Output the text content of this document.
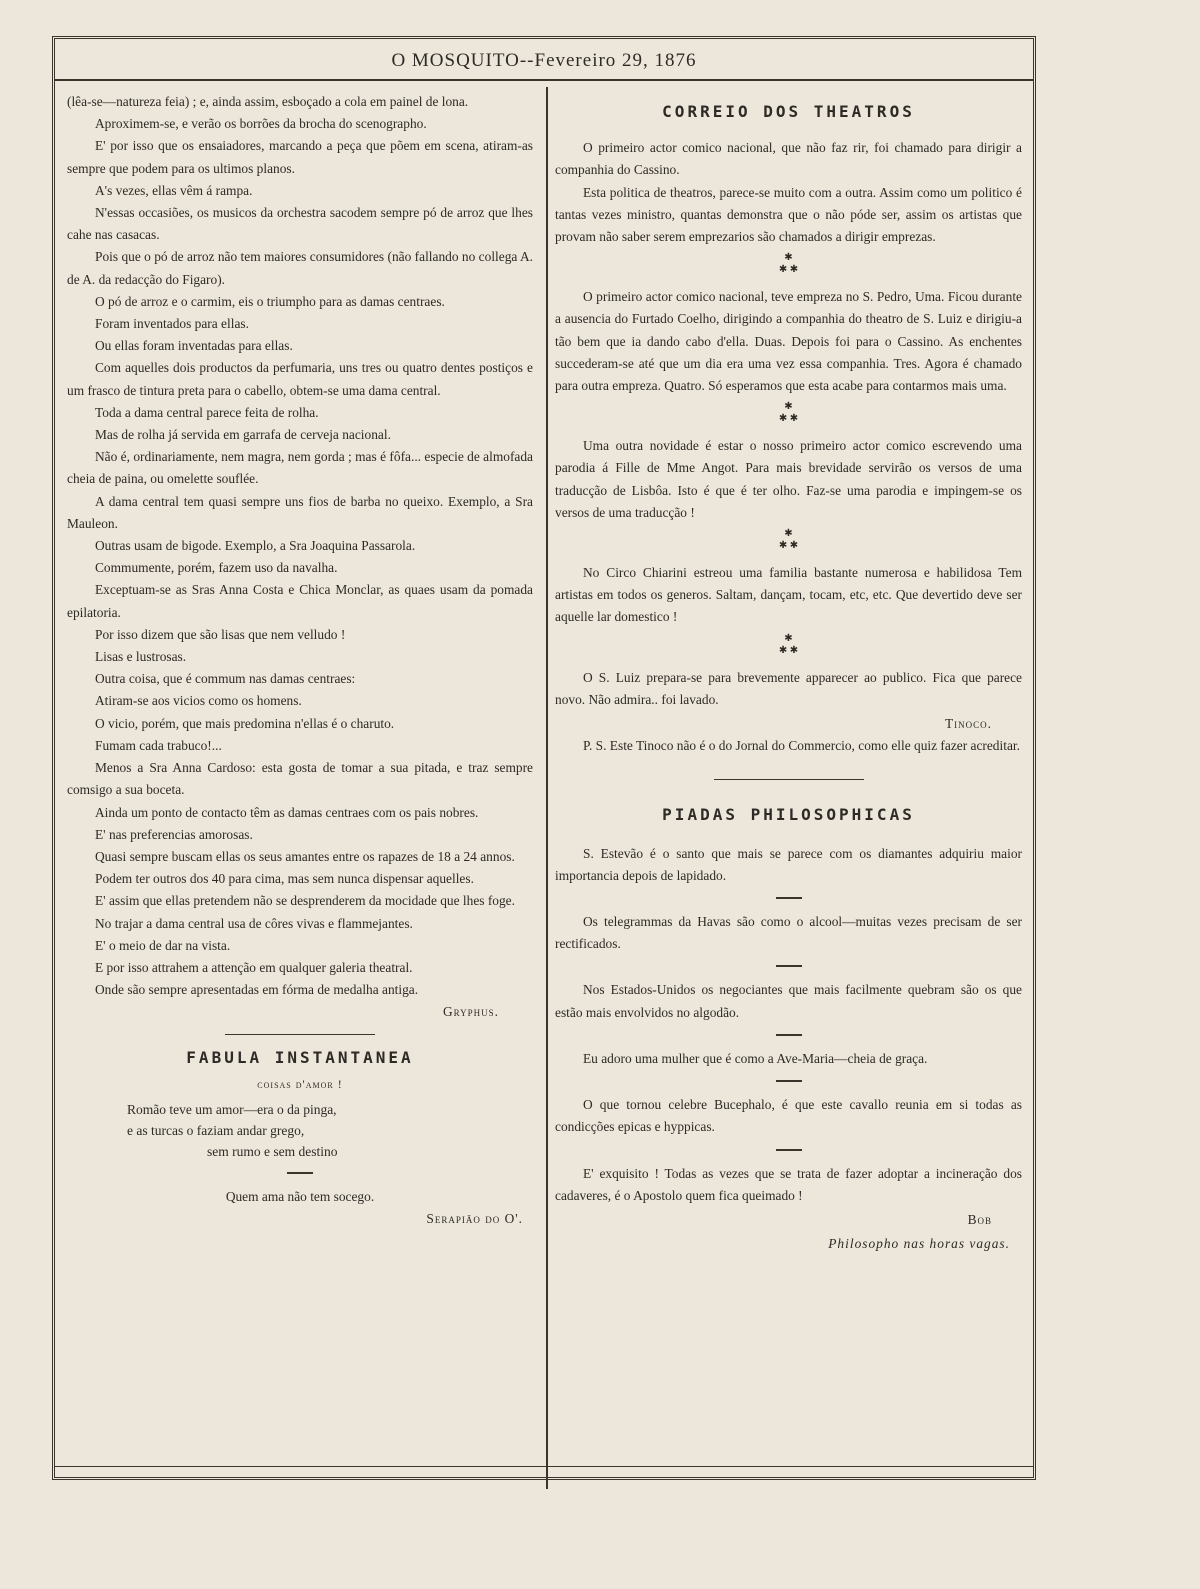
O MOSQUITO--Fevereiro 29, 1876

(lêa-se—natureza feia) ; e, ainda assim, esboçado a cola em painel de lona.

Aproximem-se, e verão os borrões da brocha do scenographo.

E' por isso que os ensaiadores, marcando a peça que põem em scena, atiram-as sempre que podem para os ultimos planos.

A's vezes, ellas vêm á rampa.

N'essas occasiões, os musicos da orchestra sacodem sempre pó de arroz que lhes cahe nas casacas.

Pois que o pó de arroz não tem maiores consumidores (não fallando no collega A. de A. da redacção do Figaro).

O pó de arroz e o carmim, eis o triumpho para as damas centraes.

Foram inventados para ellas.

Ou ellas foram inventadas para ellas.

Com aquelles dois productos da perfumaria, uns tres ou quatro dentes postiços e um frasco de tintura preta para o cabello, obtem-se uma dama central.

Toda a dama central parece feita de rolha.

Mas de rolha já servida em garrafa de cerveja nacional.

Não é, ordinariamente, nem magra, nem gorda ; mas é fôfa... especie de almofada cheia de paina, ou omelette souflée.

A dama central tem quasi sempre uns fios de barba no queixo. Exemplo, a Sra Mauleon.

Outras usam de bigode. Exemplo, a Sra Joaquina Passarola.

Commumente, porém, fazem uso da navalha.

Exceptuam-se as Sras Anna Costa e Chica Monclar, as quaes usam da pomada epilatoria.

Por isso dizem que são lisas que nem velludo !

Lisas e lustrosas.

Outra coisa, que é commum nas damas centraes:

Atiram-se aos vicios como os homens.

O vicio, porém, que mais predomina n'ellas é o charuto.

Fumam cada trabuco!...

Menos a Sra Anna Cardoso: esta gosta de tomar a sua pitada, e traz sempre comsigo a sua boceta.

Ainda um ponto de contacto têm as damas centraes com os pais nobres.

E' nas preferencias amorosas.

Quasi sempre buscam ellas os seus amantes entre os rapazes de 18 a 24 annos.

Podem ter outros dos 40 para cima, mas sem nunca dispensar aquelles.

E' assim que ellas pretendem não se desprenderem da mocidade que lhes foge.

No trajar a dama central usa de côres vivas e flammejantes.

E' o meio de dar na vista.

E por isso attrahem a attenção em qualquer galeria theatral.

Onde são sempre apresentadas em fórma de medalha antiga.

Gryphus.
FABULA INSTANTANEA
coisas d'amor !
Romão teve um amor—era o da pinga,
e as turcas o faziam andar grego,
sem rumo e sem destino
Quem ama não tem socego.
Serapião do O'.
CORREIO DOS THEATROS

O primeiro actor comico nacional, que não faz rir, foi chamado para dirigir a companhia do Cassino.

Esta politica de theatros, parece-se muito com a outra. Assim como um politico é tantas vezes ministro, quantas demonstra que o não póde ser, assim os artistas que provam não saber serem emprezarios são chamados a dirigir emprezas.

✱
✱ ✱

O primeiro actor comico nacional, teve empreza no S. Pedro, Uma. Ficou durante a ausencia do Furtado Coelho, dirigindo a companhia do theatro de S. Luiz e dirigiu-a tão bem que ia dando cabo d'ella. Duas. Depois foi para o Cassino. As enchentes succederam-se até que um dia era uma vez essa companhia. Tres. Agora é chamado para outra empreza. Quatro. Só esperamos que esta acabe para contarmos mais uma.

✱
✱ ✱

Uma outra novidade é estar o nosso primeiro actor comico escrevendo uma parodia á Fille de Mme Angot. Para mais brevidade servirão os versos de uma traducção de Lisbôa. Isto é que é ter olho. Faz-se uma parodia e impingem-se os versos de uma traducção !

✱
✱ ✱

No Circo Chiarini estreou uma familia bastante numerosa e habilidosa Tem artistas em todos os generos. Saltam, dançam, tocam, etc, etc. Que devertido deve ser aquelle lar domestico !

✱
✱ ✱

O S. Luiz prepara-se para brevemente apparecer ao publico. Fica que parece novo. Não admira.. foi lavado.

Tinoco.

P. S. Este Tinoco não é o do Jornal do Commercio, como elle quiz fazer acreditar.

PIADAS PHILOSOPHICAS

S. Estevão é o santo que mais se parece com os diamantes adquiriu maior importancia depois de lapidado.

Os telegrammas da Havas são como o alcool—muitas vezes precisam de ser rectificados.

Nos Estados-Unidos os negociantes que mais facilmente quebram são os que estão mais envolvidos no algodão.

Eu adoro uma mulher que é como a Ave-Maria—cheia de graça.

O que tornou celebre Bucephalo, é que este cavallo reunia em si todas as condicções epicas e hyppicas.

E' exquisito ! Todas as vezes que se trata de fazer adoptar a incineração dos cadaveres, é o Apostolo quem fica queimado !

Bob
Philosopho nas horas vagas.
